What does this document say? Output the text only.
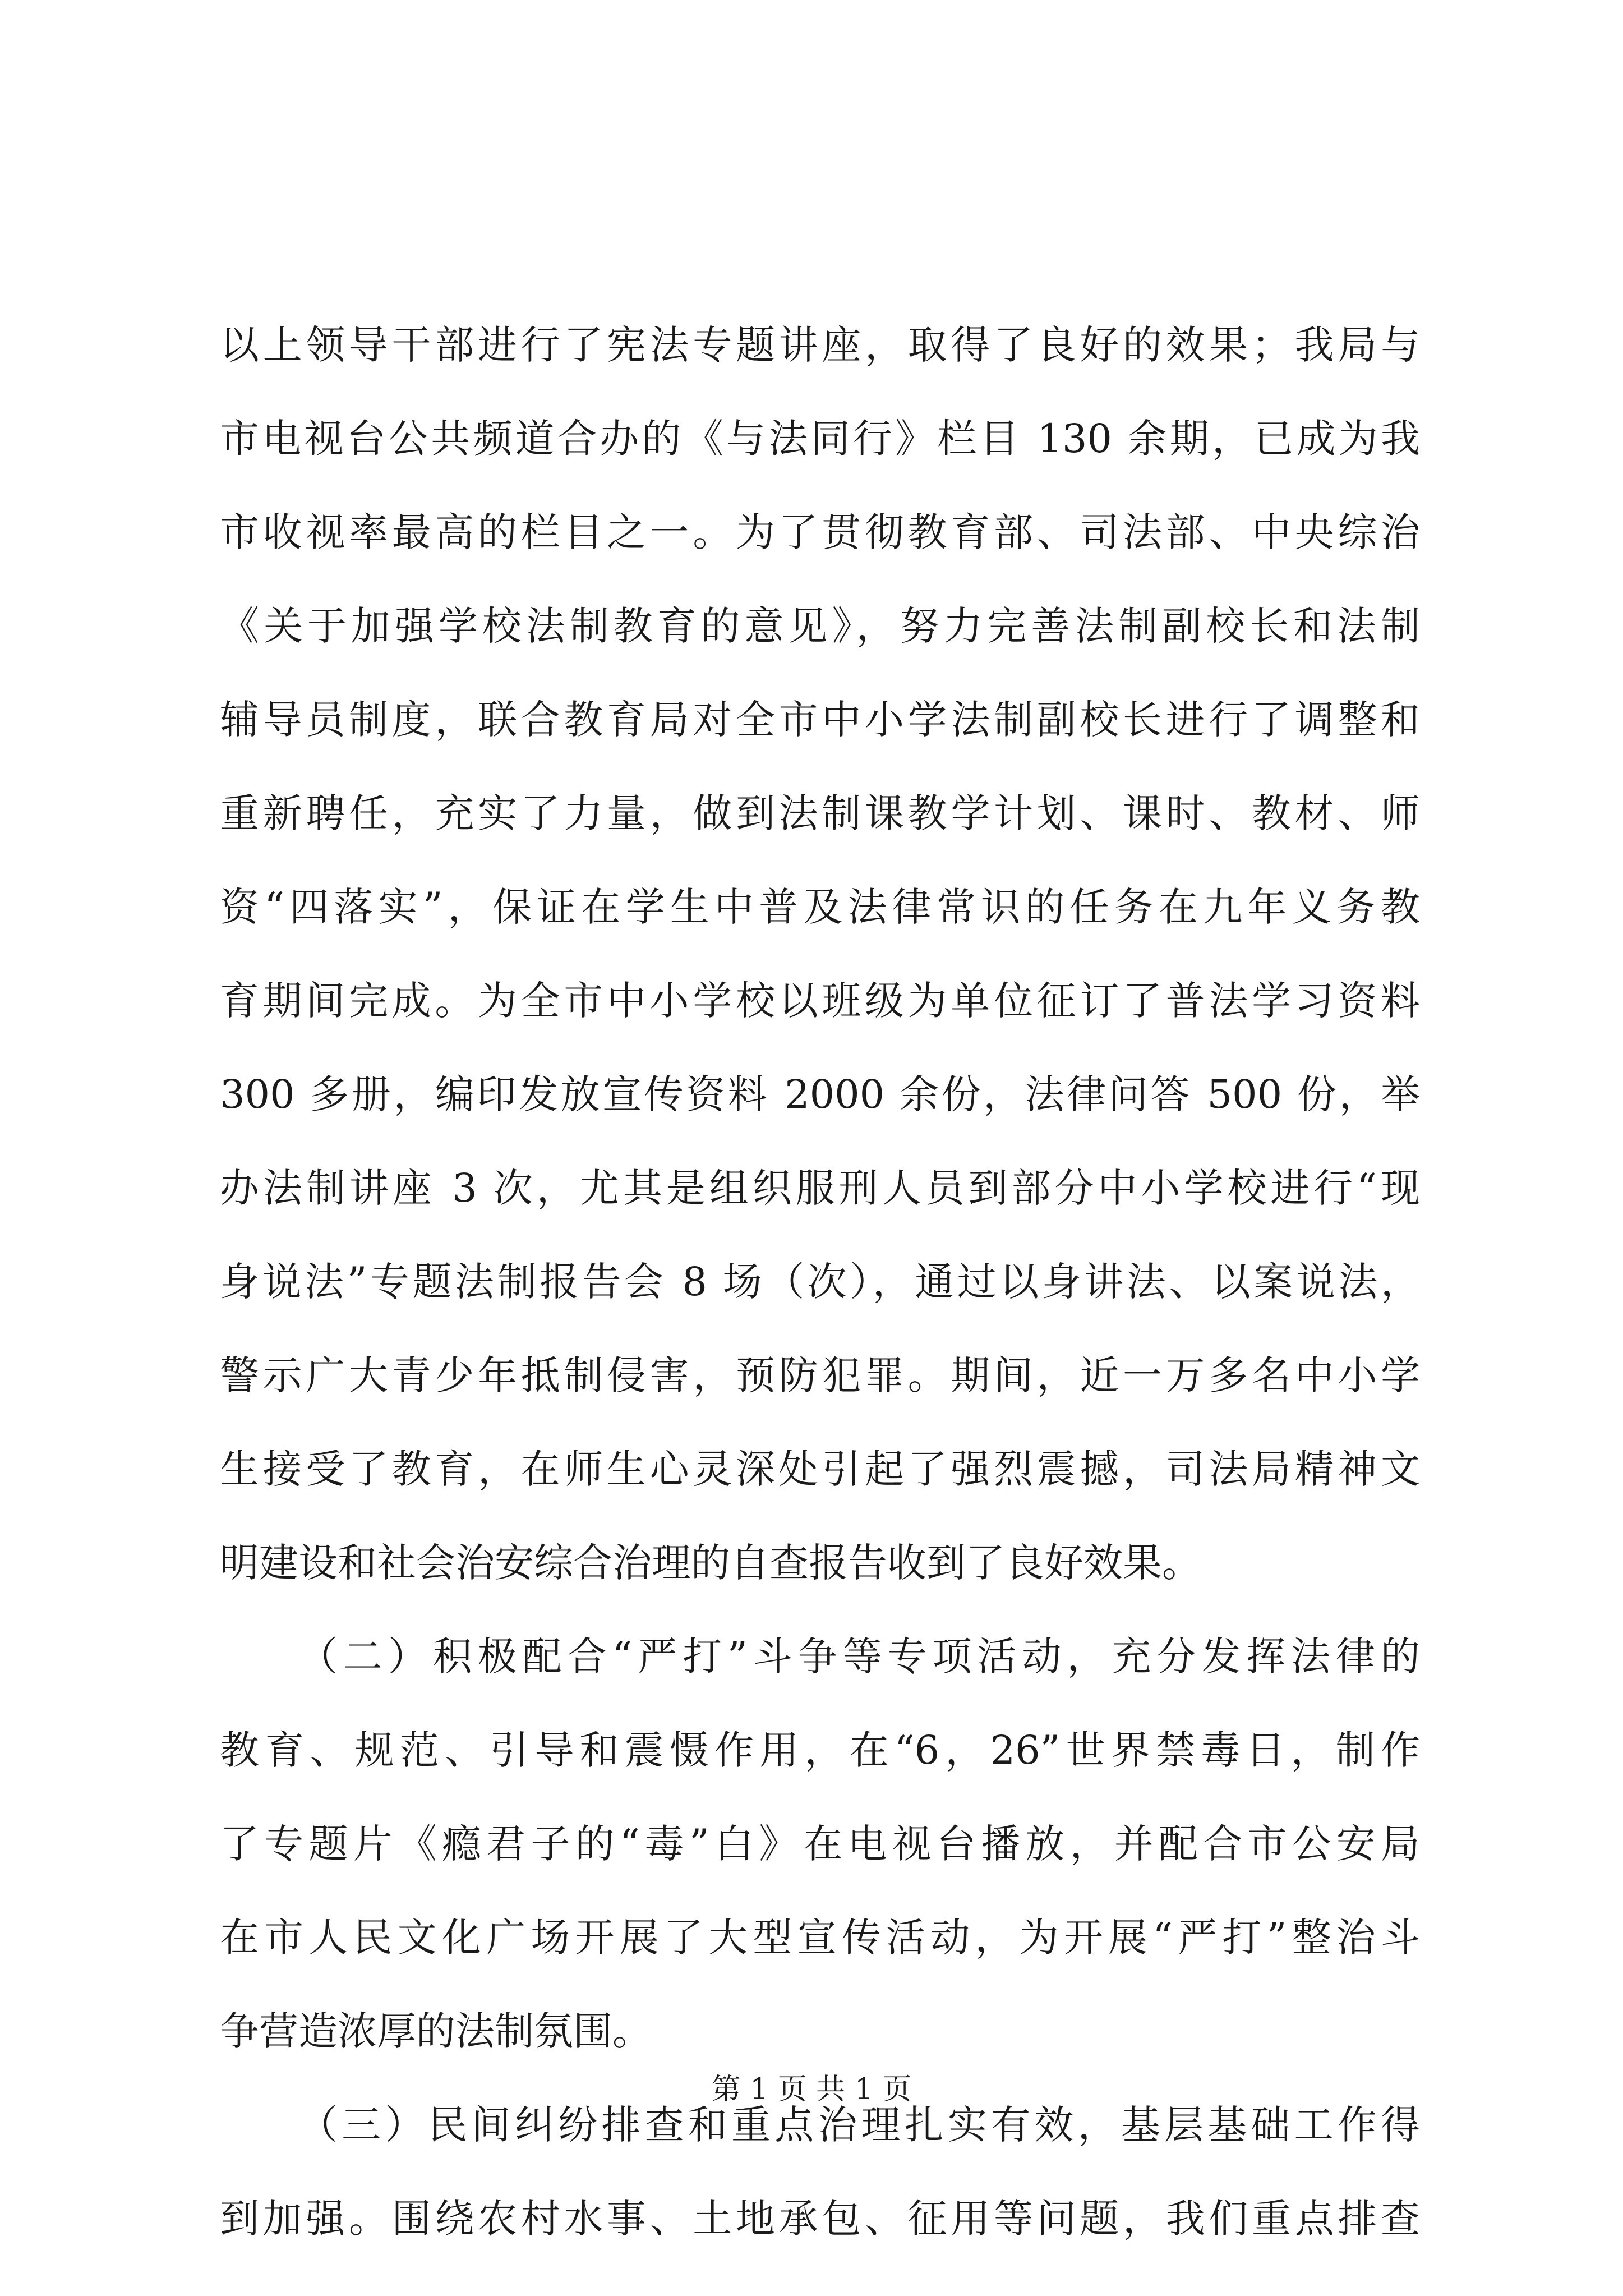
以上领导干部进行了宪法专题讲座，取得了良好的效果；我局与
市电视台公共频道合办的《与法同行》栏目 130 余期，已成为我
市收视率最高的栏目之一。为了贯彻教育部、司法部、中央综治
《关于加强学校法制教育的意见》，努力完善法制副校长和法制
辅导员制度，联合教育局对全市中小学法制副校长进行了调整和
重新聘任，充实了力量，做到法制课教学计划、课时、教材、师
资“四落实”，保证在学生中普及法律常识的任务在九年义务教
育期间完成。为全市中小学校以班级为单位征订了普法学习资料
300 多册，编印发放宣传资料 2000 余份，法律问答 500 份，举
办法制讲座 3 次，尤其是组织服刑人员到部分中小学校进行“现
身说法”专题法制报告会 8 场（次），通过以身讲法、以案说法，
警示广大青少年抵制侵害，预防犯罪。期间，近一万多名中小学
生接受了教育，在师生心灵深处引起了强烈震撼，司法局精神文
明建设和社会治安综合治理的自查报告收到了良好效果。
（二）积极配合“严打”斗争等专项活动，充分发挥法律的
教育、规范、引导和震慑作用，在“6，26”世界禁毒日，制作
了专题片《瘾君子的“毒”白》在电视台播放，并配合市公安局
在市人民文化广场开展了大型宣传活动，为开展“严打”整治斗
争营造浓厚的法制氛围。
（三）民间纠纷排查和重点治理扎实有效，基层基础工作得
到加强。围绕农村水事、土地承包、征用等问题，我们重点排查
第 1 页 共 1 页
